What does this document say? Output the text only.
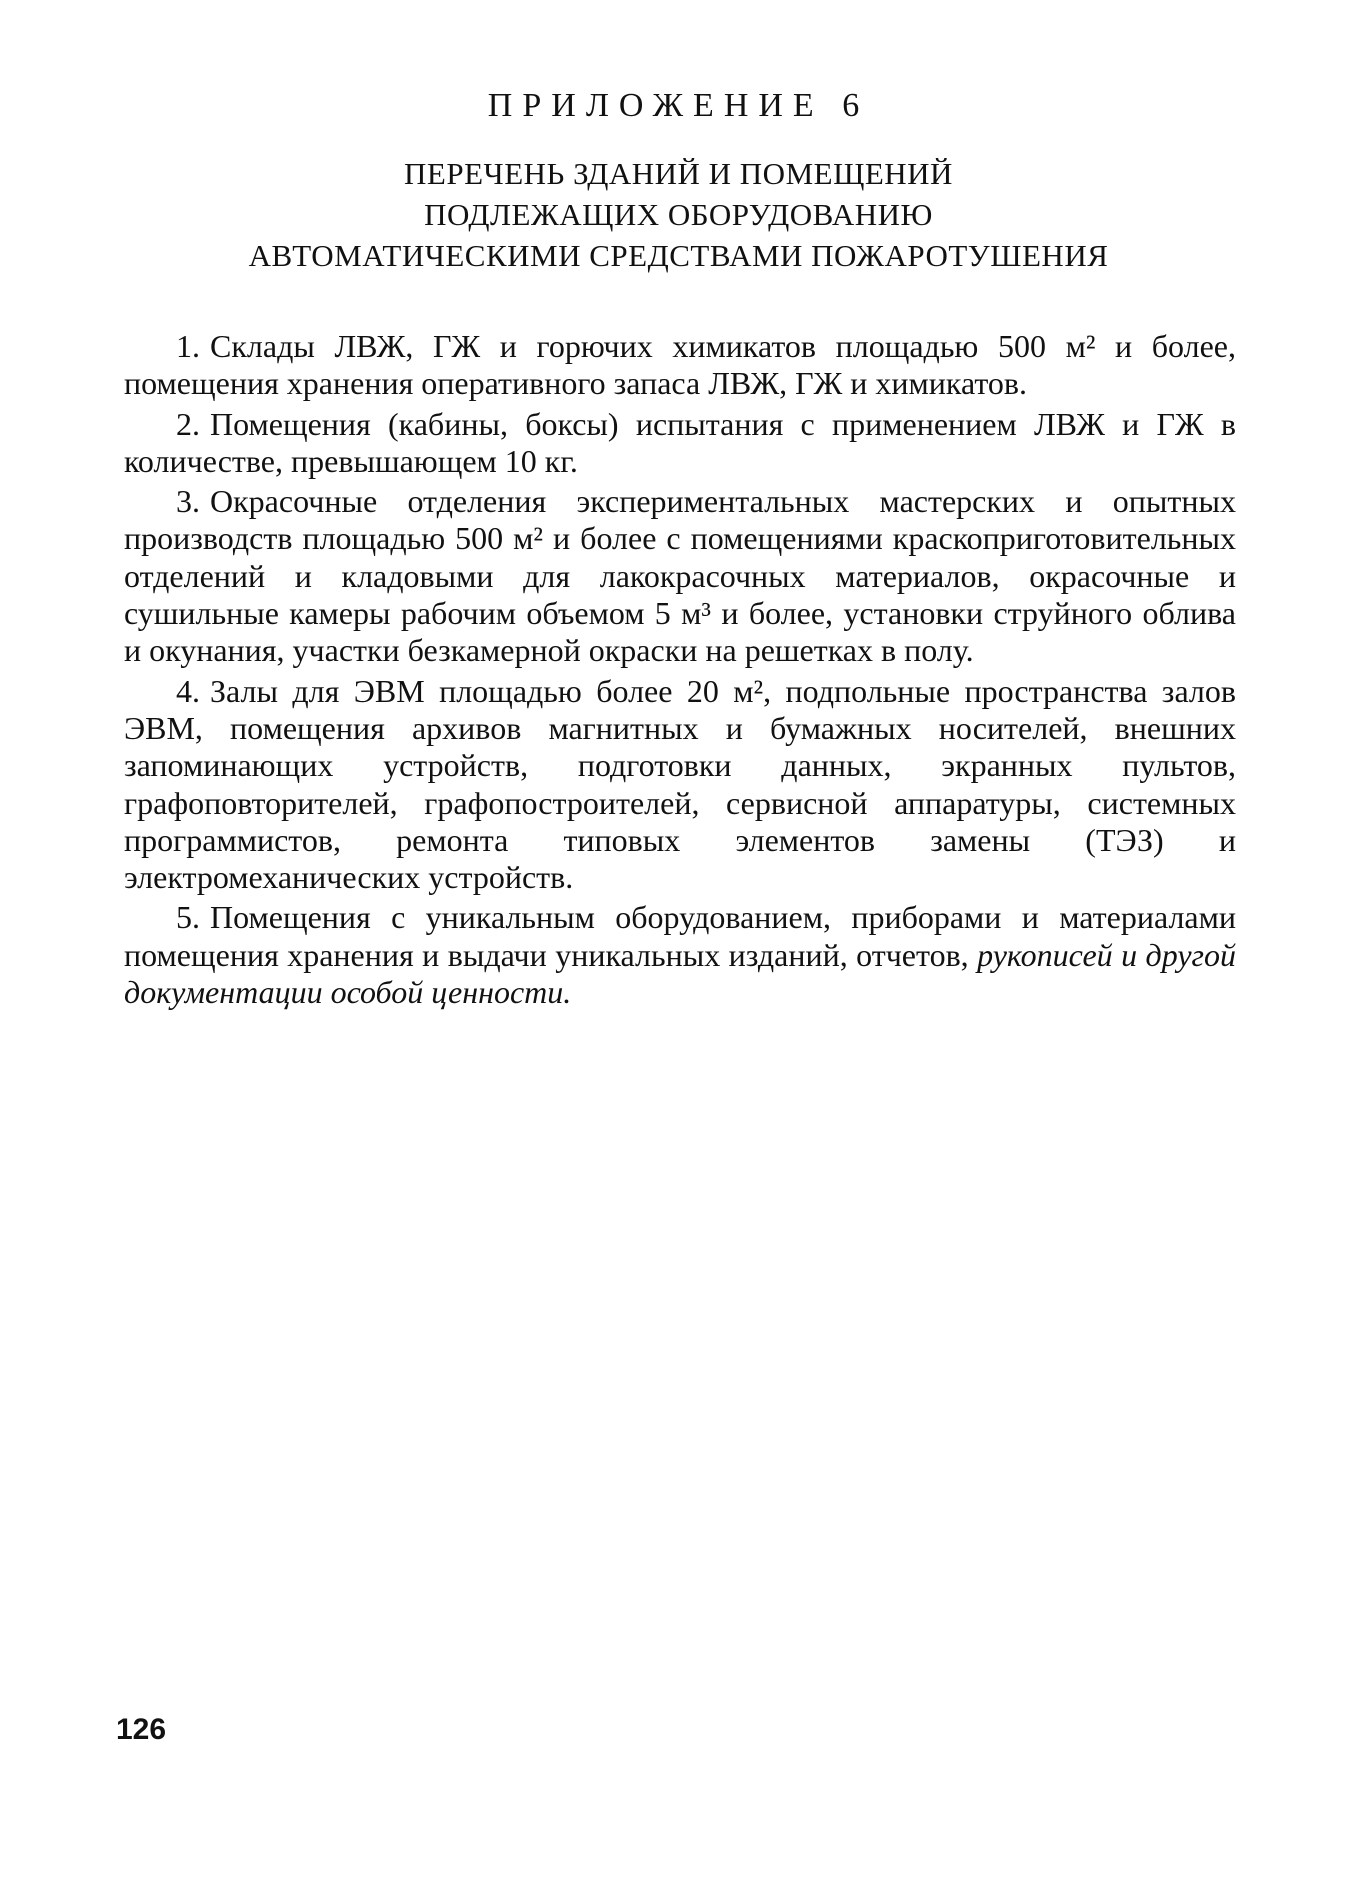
ПРИЛОЖЕНИЕ 6
ПЕРЕЧЕНЬ ЗДАНИЙ И ПОМЕЩЕНИЙ
ПОДЛЕЖАЩИХ ОБОРУДОВАНИЮ
АВТОМАТИЧЕСКИМИ СРЕДСТВАМИ ПОЖАРОТУШЕНИЯ

1. Склады ЛВЖ, ГЖ и горючих химикатов площадью 500 м² и более, помещения хранения оперативного запаса ЛВЖ, ГЖ и химикатов.

2. Помещения (кабины, боксы) испытания с применением ЛВЖ и ГЖ в количестве, превышающем 10 кг.

3. Окрасочные отделения экспериментальных мастерских и опытных производств площадью 500 м² и более с помещениями краскоприготовительных отделений и кладовыми для лакокрасочных материалов, окрасочные и сушильные камеры рабочим объемом 5 м³ и более, установки струйного облива и окунания, участки безкамерной окраски на решетках в полу.

4. Залы для ЭВМ площадью более 20 м², подпольные пространства залов ЭВМ, помещения архивов магнитных и бумажных носителей, внешних запоминающих устройств, подготовки данных, экранных пультов, графоповторителей, графопостроителей, сервисной аппаратуры, системных программистов, ремонта типовых элементов замены (ТЭЗ) и электромеханических устройств.

5. Помещения с уникальным оборудованием, приборами и материалами помещения хранения и выдачи уникальных изданий, отчетов, рукописей и другой документации особой ценности.

126
